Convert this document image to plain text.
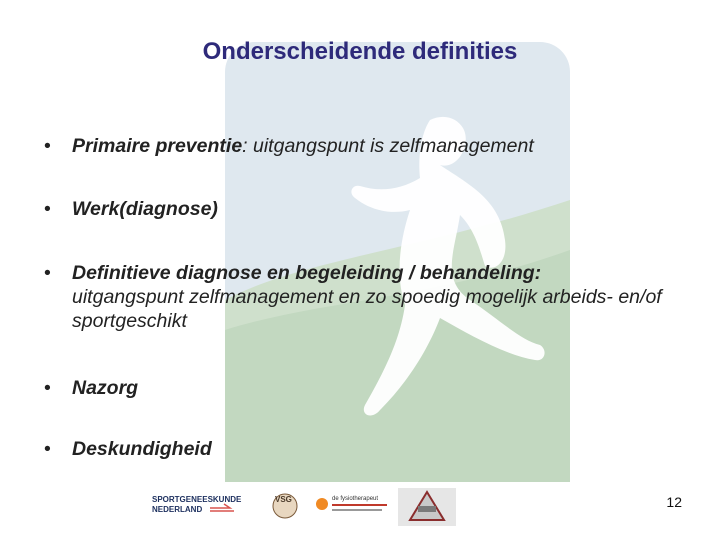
Onderscheidende definities
• Primaire preventie: uitgangspunt is zelfmanagement
• Werk(diagnose)
• Definitieve diagnose en begeleiding / behandeling:
uitgangspunt zelfmanagement en zo spoedig mogelijk arbeids- en/of sportgeschikt
• Nazorg
• Deskundigheid
SPORTGENEESKUNDE
NEDERLAND
VSG	de fysiotherapeut	12
